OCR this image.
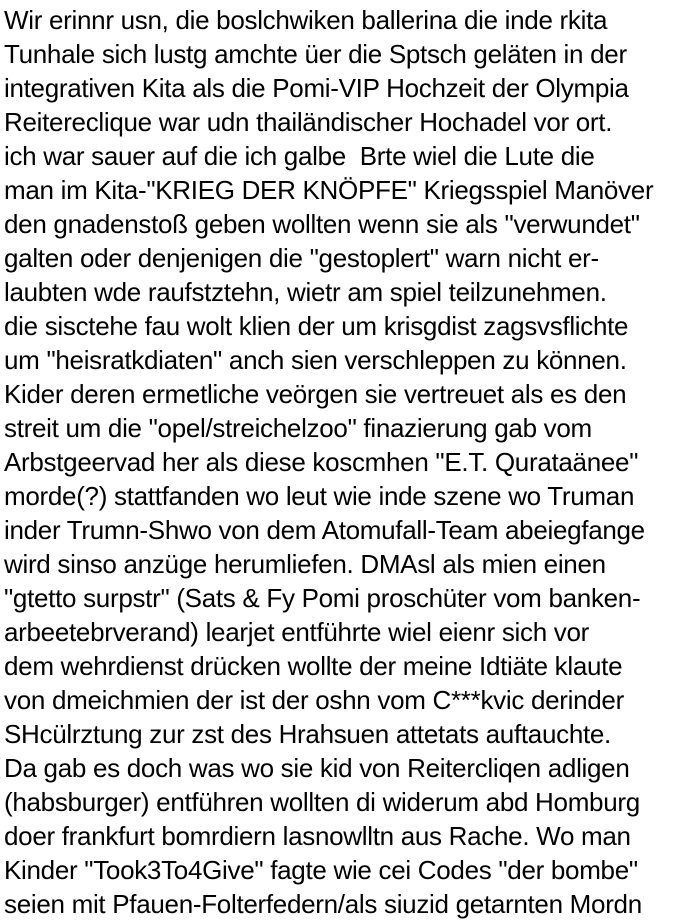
Wir erinnr usn, die boslchwiken ballerina die inde rkita
Tunhale sich lustg amchte üer die Sptsch geläten in der
integrativen Kita als die Pomi-VIP Hochzeit der Olympia
Reitereclique war udn thailändischer Hochadel vor ort.
ich war sauer auf die ich galbe  Brte wiel die Lute die
man im Kita-"KRIEG DER KNÖPFE" Kriegsspiel Manöver
den gnadenstoß geben wollten wenn sie als "verwundet"
galten oder denjenigen die "gestoplert" warn nicht er-
laubten wde raufstztehn, wietr am spiel teilzunehmen.
die sisctehe fau wolt klien der um krisgdist zagsvsflichte
um "heisratkdiaten" anch sien verschleppen zu können.
Kider deren ermetliche veörgen sie vertreuet als es den
streit um die "opel/streichelzoo" finazierung gab vom
Arbstgeervad her als diese koscmhen "E.T. Qurataänee"
morde(?) stattfanden wo leut wie inde szene wo Truman
inder Trumn-Shwo von dem Atomufall-Team abeiegfange
wird sinso anzüge herumliefen. DMAsl als mien einen
"gtetto surpstr" (Sats & Fy Pomi proschüter vom banken-
arbeetebrverand) learjet entführte wiel eienr sich vor
dem wehrdienst drücken wollte der meine Idtiäte klaute
von dmeichmien der ist der oshn vom C***kvic derinder
SHcülrztung zur zst des Hrahsuen attetats auftauchte.
Da gab es doch was wo sie kid von Reitercliqen adligen
(habsburger) entführen wollten di widerum abd Homburg
doer frankfurt bomrdiern lasnowlltn aus Rache. Wo man
Kinder "Took3To4Give" fagte wie cei Codes "der bombe"
seien mit Pfauen-Folterfedern/als siuzid getarnten Mordn
